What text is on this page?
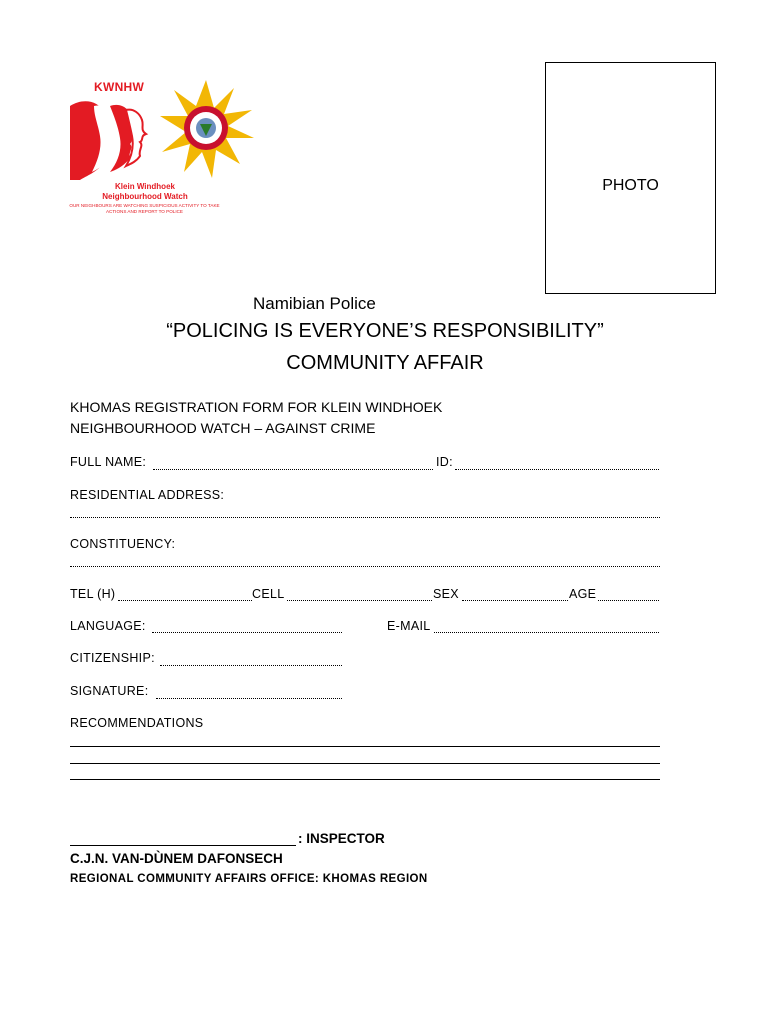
KWNHW
Klein Windhoek
Neighbourhood Watch
OUR NEIGHBOURS ARE WATCHING SUSPICIOUS ACTIVITY TO TAKE ACTIONS AND REPORT TO POLICE
PHOTO
Namibian Police
“POLICING IS EVERYONE’S RESPONSIBILITY”
COMMUNITY AFFAIR
KHOMAS REGISTRATION FORM FOR KLEIN WINDHOEK
NEIGHBOURHOOD WATCH – AGAINST CRIME
FULL NAME:	ID:
RESIDENTIAL ADDRESS:
CONSTITUENCY:
TEL (H)	CELL	SEX	AGE
LANGUAGE:	E-MAIL
CITIZENSHIP:
SIGNATURE:
RECOMMENDATIONS
: INSPECTOR
C.J.N. VAN-DÙNEM DAFONSECH
REGIONAL COMMUNITY AFFAIRS OFFICE: KHOMAS REGION
